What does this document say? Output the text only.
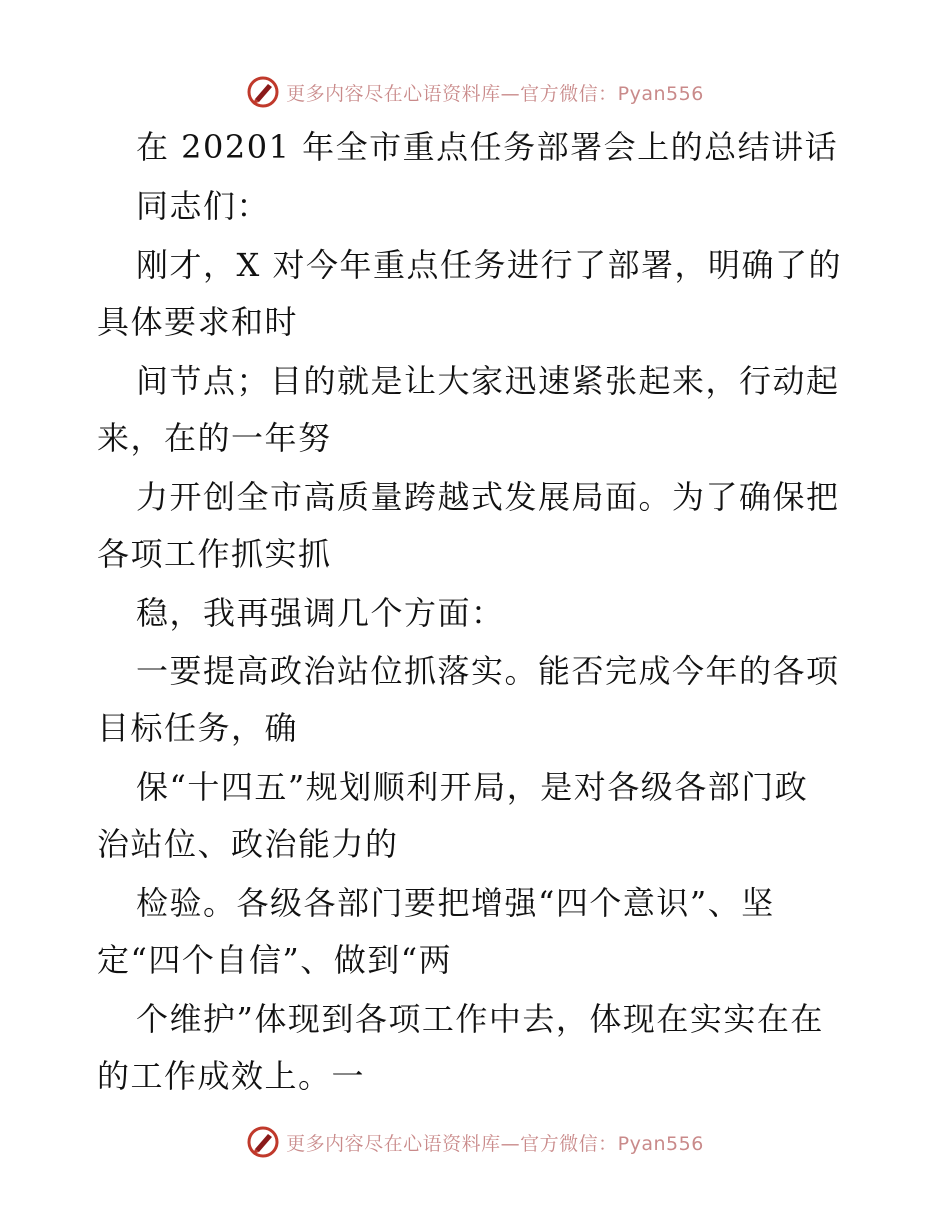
更多内容尽在心语资料库—官方微信：Pyan556
在 20201 年全市重点任务部署会上的总结讲话
同志们：
刚才，X 对今年重点任务进行了部署，明确了的
具体要求和时
间节点；目的就是让大家迅速紧张起来，行动起
来，在的一年努
力开创全市高质量跨越式发展局面。为了确保把
各项工作抓实抓
稳，我再强调几个方面：
一要提高政治站位抓落实。能否完成今年的各项
目标任务，确
保“十四五”规划顺利开局，是对各级各部门政
治站位、政治能力的
检验。各级各部门要把增强“四个意识”、坚
定“四个自信”、做到“两
个维护”体现到各项工作中去，体现在实实在在
的工作成效上。一
更多内容尽在心语资料库—官方微信：Pyan556
